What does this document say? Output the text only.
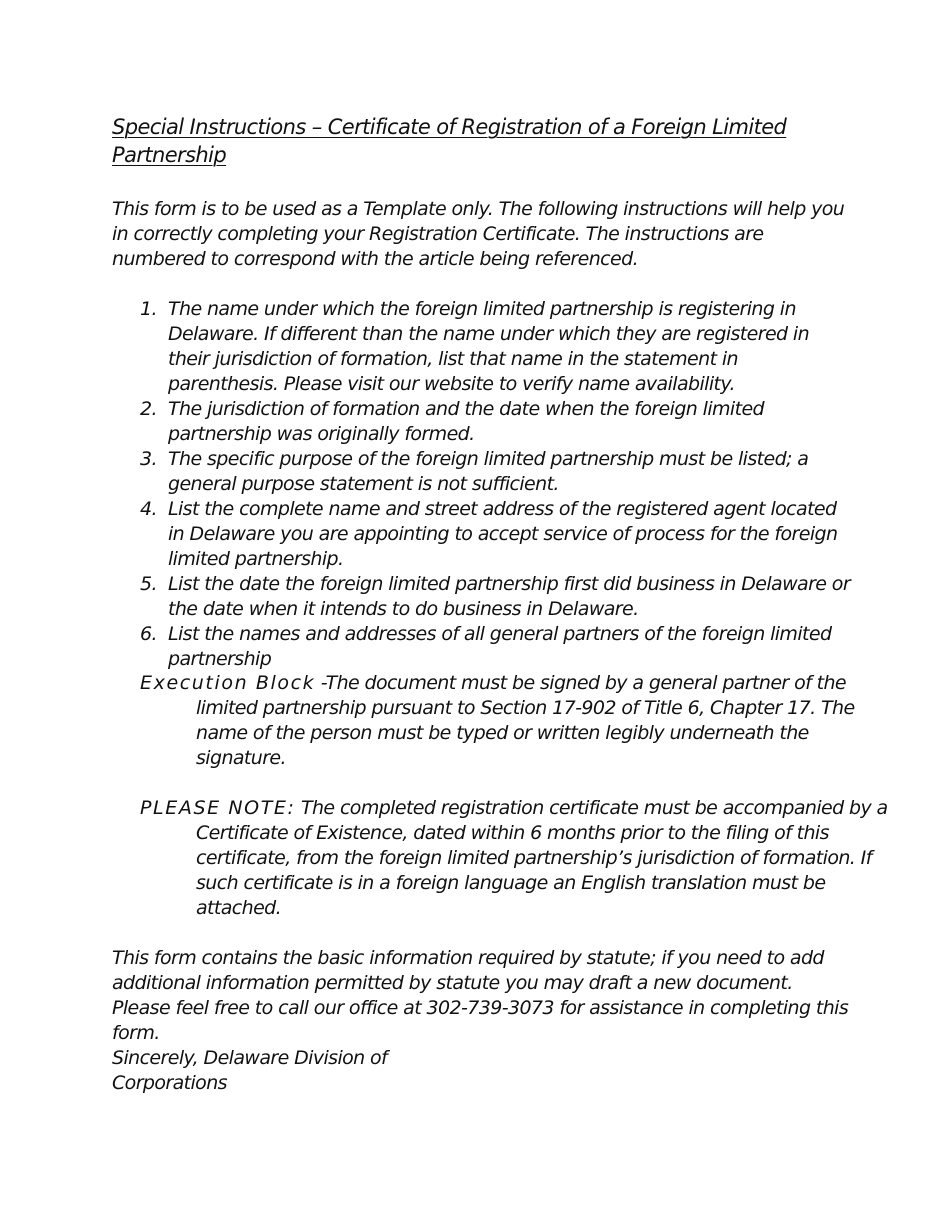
Special Instructions – Certificate of Registration of a Foreign Limited Partnership

This form is to be used as a Template only. The following instructions will help you in correctly completing your Registration Certificate. The instructions are numbered to correspond with the article being referenced.

1. The name under which the foreign limited partnership is registering in Delaware. If different than the name under which they are registered in their jurisdiction of formation, list that name in the statement in parenthesis. Please visit our website to verify name availability.
2. The jurisdiction of formation and the date when the foreign limited partnership was originally formed.
3. The specific purpose of the foreign limited partnership must be listed; a general purpose statement is not sufficient.
4. List the complete name and street address of the registered agent located in Delaware you are appointing to accept service of process for the foreign limited partnership.
5. List the date the foreign limited partnership first did business in Delaware or the date when it intends to do business in Delaware.
6. List the names and addresses of all general partners of the foreign limited partnership

Execution Block -The document must be signed by a general partner of the limited partnership pursuant to Section 17-902 of Title 6, Chapter 17. The name of the person must be typed or written legibly underneath the signature.

PLEASE NOTE: The completed registration certificate must be accompanied by a Certificate of Existence, dated within 6 months prior to the filing of this certificate, from the foreign limited partnership’s jurisdiction of formation. If such certificate is in a foreign language an English translation must be attached.

This form contains the basic information required by statute; if you need to add additional information permitted by statute you may draft a new document. Please feel free to call our office at 302-739-3073 for assistance in completing this form.

Sincerely, Delaware Division of Corporations
